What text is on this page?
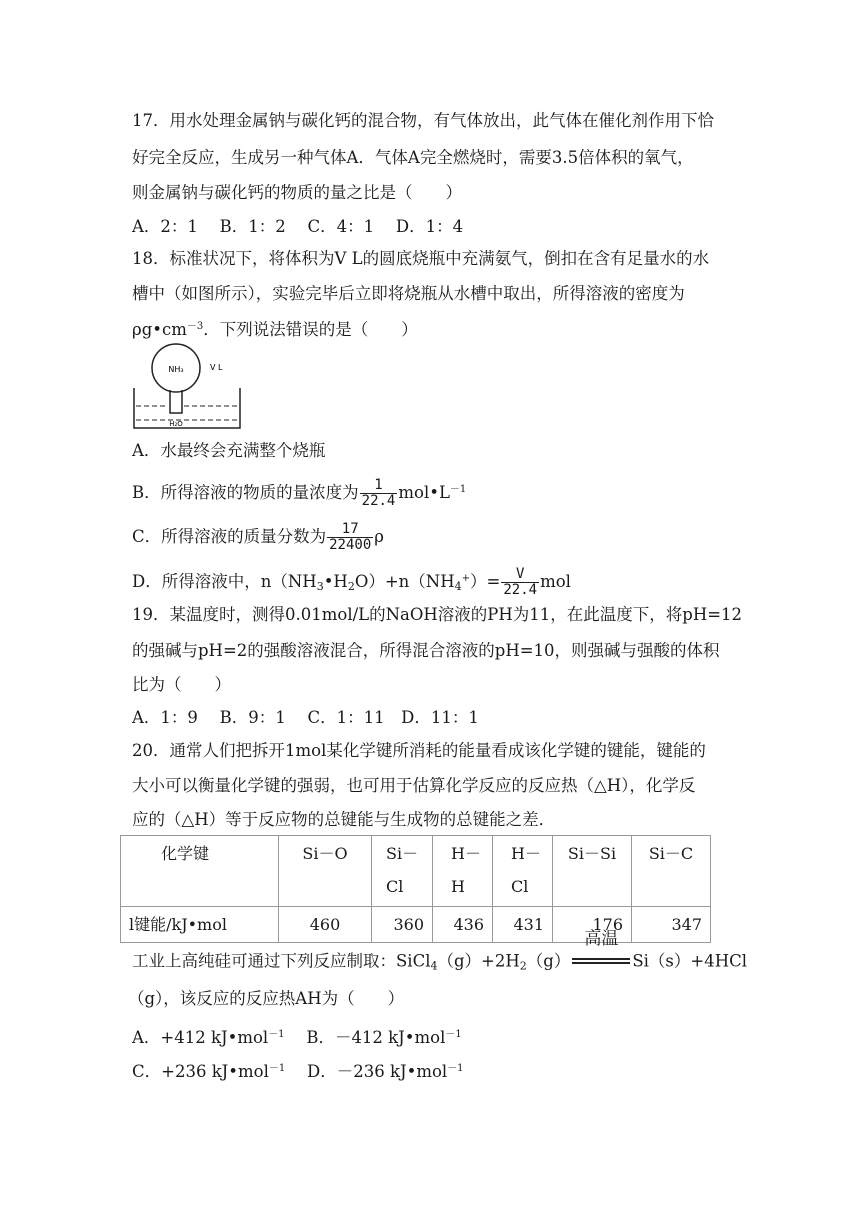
17．用水处理金属钠与碳化钙的混合物，有气体放出，此气体在催化剂作用下恰
好完全反应，生成另一种气体A．气体A完全燃烧时，需要3.5倍体积的氧气，
则金属钠与碳化钙的物质的量之比是（　　）
A．2：1　 B．1：2　 C．4：1　 D．1：4
18．标准状况下，将体积为V L的圆底烧瓶中充满氨气，倒扣在含有足量水的水
槽中（如图所示），实验完毕后立即将烧瓶从水槽中取出，所得溶液的密度为
$\rho g•cm^{-3}$．下列说法错误的是（　　）
NH₃	V L
H₂O
A．水最终会充满整个烧瓶
B．所得溶液的物质的量浓度为 $\frac{1}{22.4}$ $mol•L^{-1}$
C．所得溶液的质量分数为 $\frac{17}{22400}$ ρ
D．所得溶液中，$n(NH_3•H_2O)+n(NH_4^+)= \frac{V}{22.4}$ mol
19．某温度时，测得0.01mol/L的NaOH溶液的PH为11，在此温度下，将pH=12
的强碱与pH=2的强酸溶液混合，所得混合溶液的pH=10，则强碱与强酸的体积
比为（　　）
A．1：9　 B．9：1　 C．1：11　D．11：1
20．通常人们把拆开1mol某化学键所消耗的能量看成该化学键的键能，键能的
大小可以衡量化学键的强弱，也可用于估算化学反应的反应热（△H），化学反
应的（△H）等于反应物的总键能与生成物的总键能之差．
化学键	Si－O	Si－Cl	H－H	H－Cl	Si－Si	Si－C
l键能/kJ•mol	460	360	436	431	176	347
工业上高纯硅可通过下列反应制取：$SiCl_4(g)+2H_2(g)$
高温
Si（s）+4HCl
（g），该反应的反应热AH为（　　）
A．+412 kJ•mol$^{-1}$　 B．－412 kJ•mol$^{-1}$
C．+236 kJ•mol$^{-1}$　 D．－236 kJ•mol$^{-1}$
